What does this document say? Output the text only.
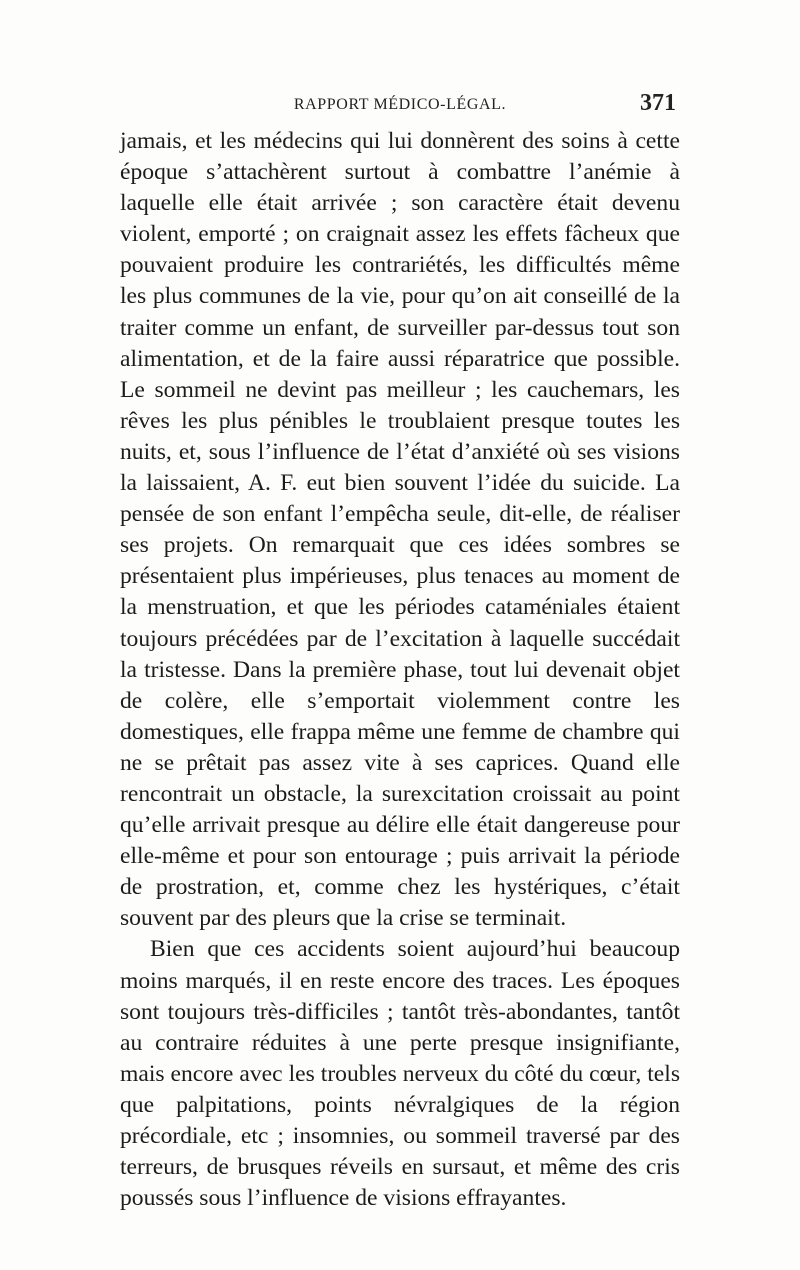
RAPPORT MÉDICO-LÉGAL.	371

jamais, et les médecins qui lui donnèrent des soins à cette époque s’attachèrent surtout à combattre l’anémie à laquelle elle était arrivée ; son caractère était devenu violent, emporté ; on craignait assez les effets fâcheux que pouvaient produire les contrariétés, les difficultés même les plus communes de la vie, pour qu’on ait conseillé de la traiter comme un enfant, de surveiller par-dessus tout son alimentation, et de la faire aussi réparatrice que possible. Le sommeil ne devint pas meilleur ; les cauchemars, les rêves les plus pénibles le troublaient presque toutes les nuits, et, sous l’influence de l’état d’anxiété où ses visions la laissaient, A. F. eut bien souvent l’idée du suicide. La pensée de son enfant l’empêcha seule, dit-elle, de réaliser ses projets. On remarquait que ces idées sombres se présentaient plus impérieuses, plus tenaces au moment de la menstruation, et que les périodes cataméniales étaient toujours précédées par de l’excitation à laquelle succédait la tristesse. Dans la première phase, tout lui devenait objet de colère, elle s’emportait violemment contre les domestiques, elle frappa même une femme de chambre qui ne se prêtait pas assez vite à ses caprices. Quand elle rencontrait un obstacle, la surexcitation croissait au point qu’elle arrivait presque au délire elle était dangereuse pour elle-même et pour son entourage ; puis arrivait la période de prostration, et, comme chez les hystériques, c’était souvent par des pleurs que la crise se terminait.

Bien que ces accidents soient aujourd’hui beaucoup moins marqués, il en reste encore des traces. Les époques sont toujours très-difficiles ; tantôt très-abondantes, tantôt au contraire réduites à une perte presque insignifiante, mais encore avec les troubles nerveux du côté du cœur, tels que palpitations, points névralgiques de la région précordiale, etc ; insomnies, ou sommeil traversé par des terreurs, de brusques réveils en sursaut, et même des cris poussés sous l’influence de visions effrayantes.
